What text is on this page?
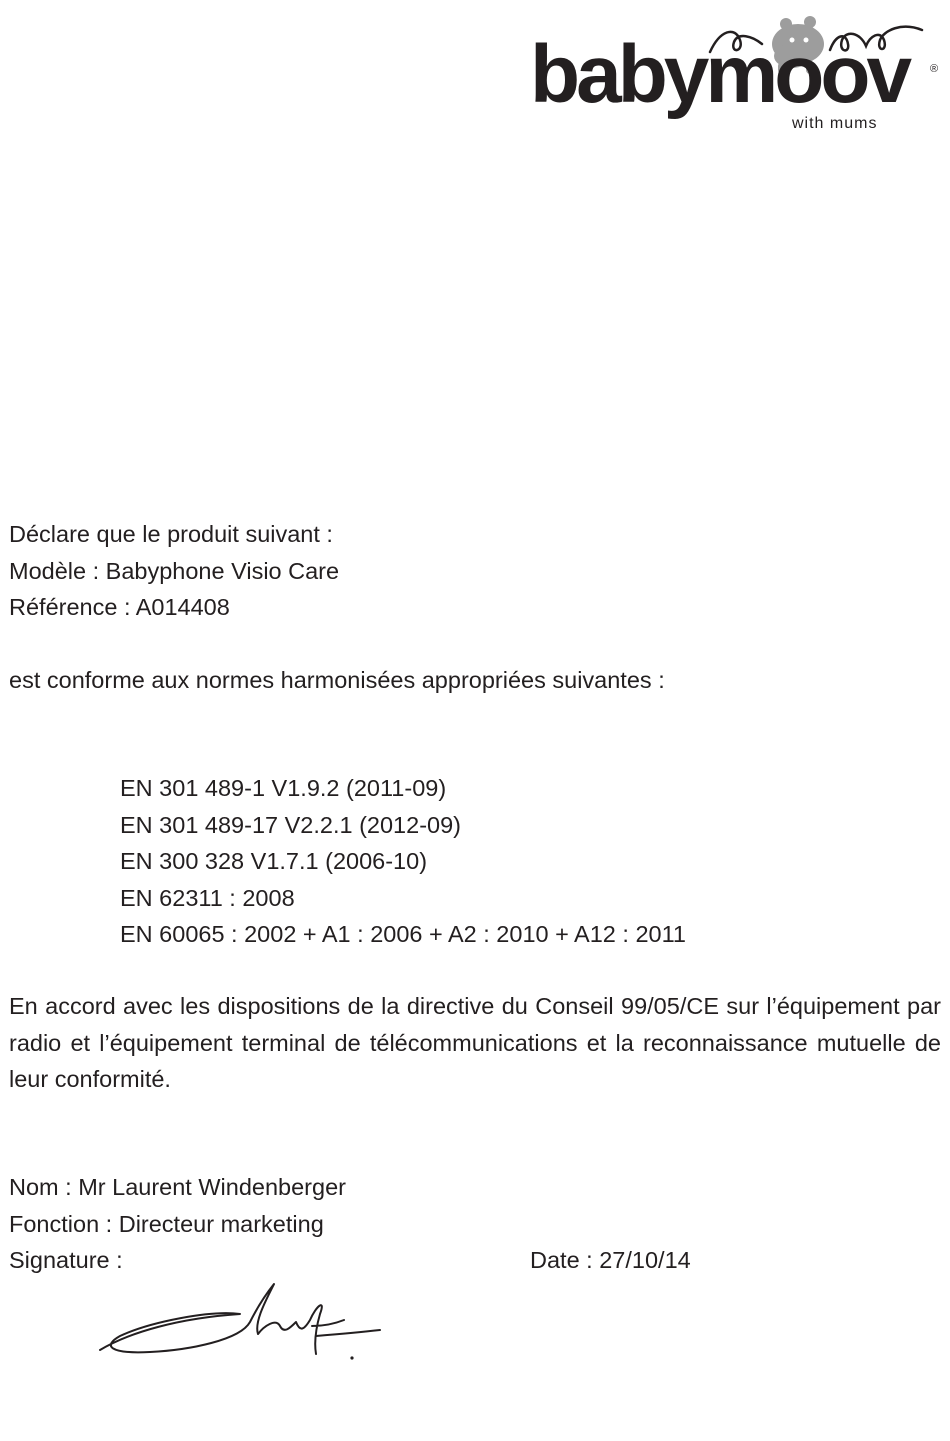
babymoov	®
with mums
Déclare que le produit suivant :
Modèle : Babyphone Visio Care
Référence : A014408
est conforme aux normes harmonisées appropriées suivantes :
EN 301 489-1 V1.9.2 (2011-09)
EN 301 489-17 V2.2.1 (2012-09)
EN 300 328 V1.7.1 (2006-10)
EN 62311 : 2008
EN 60065 : 2002 + A1 : 2006 + A2 : 2010 + A12 : 2011
En accord avec les dispositions de la directive du Conseil 99/05/CE sur l’équipement par radio et l’équipement terminal de télécommunications et la reconnaissance mutuelle de leur conformité.
Nom : Mr Laurent Windenberger
Fonction : Directeur marketing
Signature :	Date : 27/10/14
